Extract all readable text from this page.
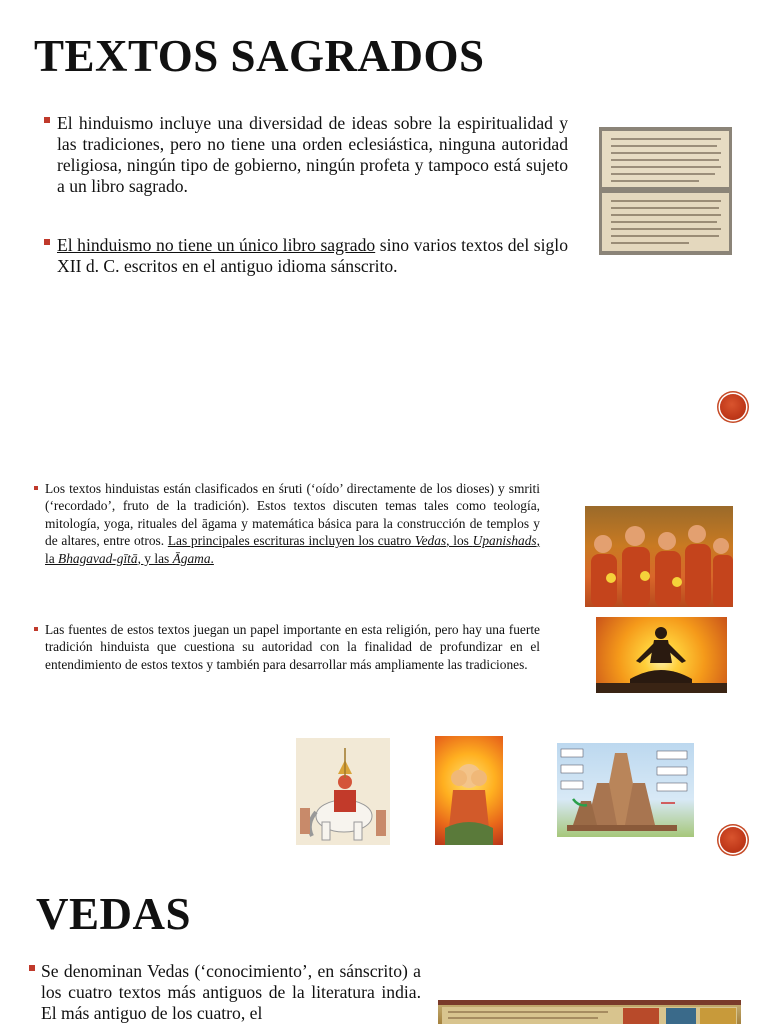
TEXTOS SAGRADOS
El hinduismo incluye una diversidad de ideas sobre la espiritualidad y las tradiciones, pero no tiene una orden eclesiástica, ninguna autoridad religiosa, ningún tipo de gobierno, ningún profeta y tampoco está sujeto a un libro sagrado.
El hinduismo no tiene un único libro sagrado sino varios textos del siglo XII d. C. escritos en el antiguo idioma sánscrito.
Los textos hinduistas están clasificados en śruti (‘oído’ directamente de los dioses) y smriti (‘recordado’, fruto de la tradición). Estos textos discuten temas tales como teología, mitología, yoga, rituales del āgama y matemática básica para la construcción de templos y de altares, entre otros. Las principales escrituras incluyen los cuatro Vedas, los Upanishads, la Bhagavad-gītā, y las Āgama.
Las fuentes de estos textos juegan un papel importante en esta religión, pero hay una fuerte tradición hinduista que cuestiona su autoridad con la finalidad de profundizar en el entendimiento de estos textos y también para desarrollar más ampliamente las tradiciones.
VEDAS
Se denominan Vedas (‘conocimiento’, en sánscrito) a los cuatro textos más antiguos de la literatura india. El más antiguo de los cuatro, el
